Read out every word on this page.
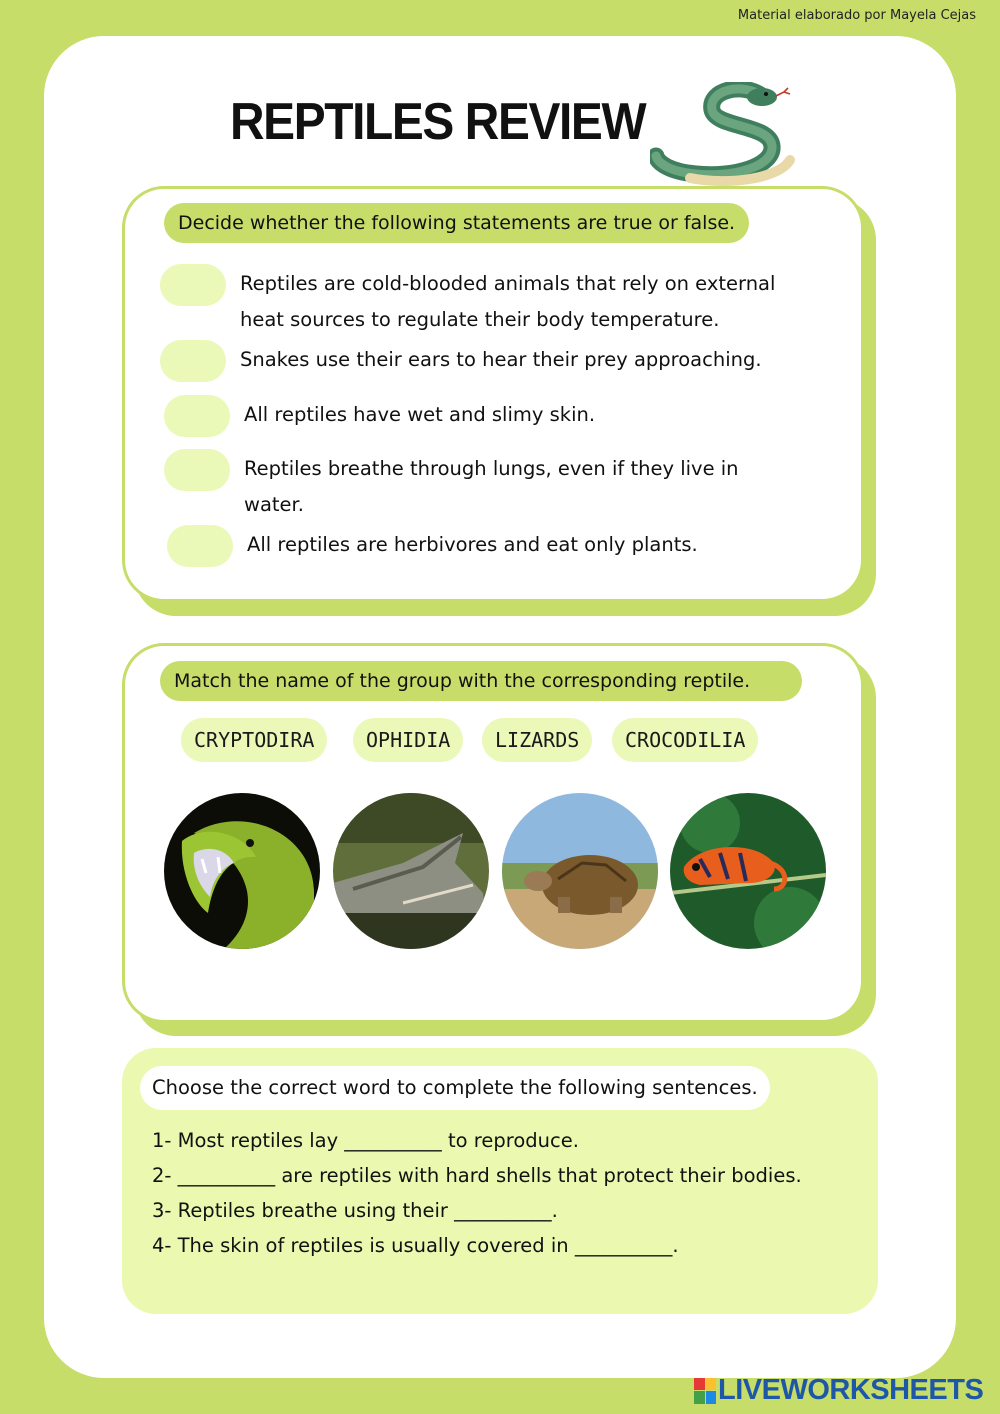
Material elaborado por Mayela Cejas
REPTILES REVIEW
Decide whether the following statements are true or false.
Reptiles are cold-blooded animals that rely on external heat sources to regulate their body temperature.
Snakes use their ears to hear their prey approaching.
All reptiles have wet and slimy skin.
Reptiles breathe through lungs, even if they live in water.
All reptiles are herbivores and eat only plants.
Match the name of the group with the corresponding reptile.
CRYPTODIRA	OPHIDIA	LIZARDS	CROCODILIA
Choose the correct word to complete the following sentences.
1- Most reptiles lay __________ to reproduce.
2- __________ are reptiles with hard shells that protect their bodies.
3- Reptiles breathe using their __________.
4- The skin of reptiles is usually covered in __________.
LIVEWORKSHEETS
